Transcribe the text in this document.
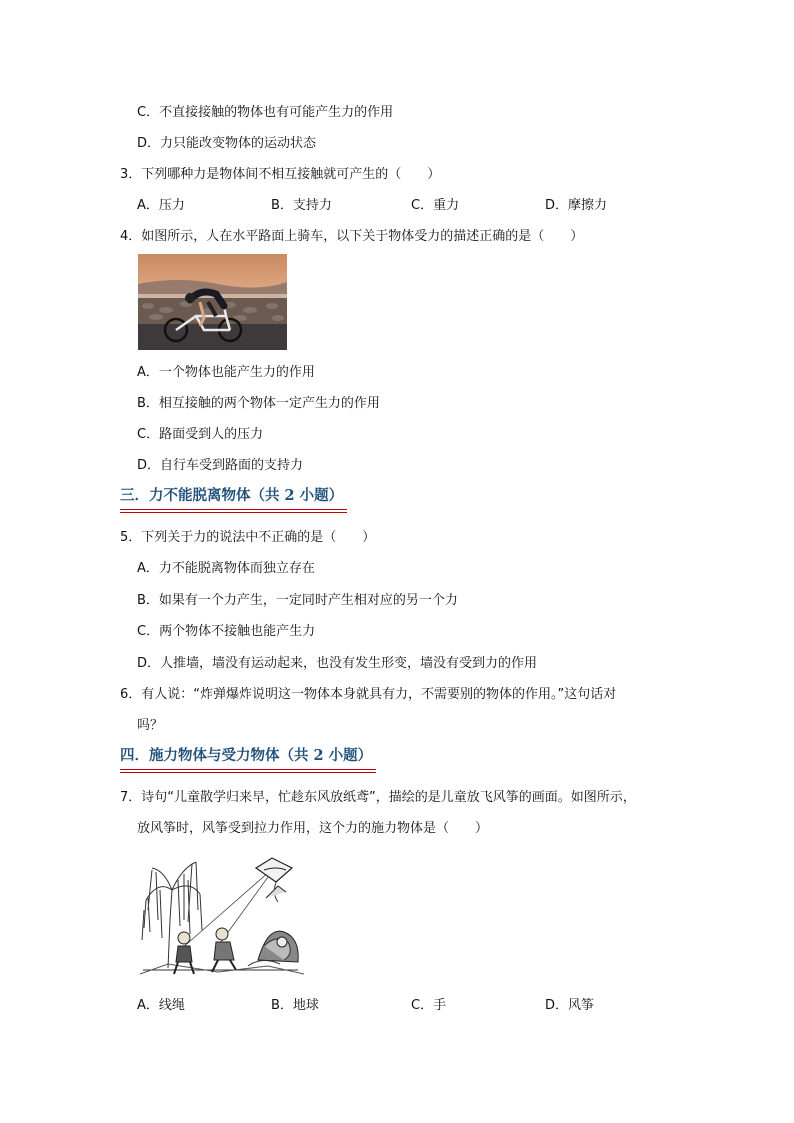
C．不直接接触的物体也有可能产生力的作用
D．力只能改变物体的运动状态
3．下列哪种力是物体间不相互接触就可产生的（　　）
A．压力	B．支持力	C．重力	D．摩擦力
4．如图所示，人在水平路面上骑车，以下关于物体受力的描述正确的是（　　）
A．一个物体也能产生力的作用
B．相互接触的两个物体一定产生力的作用
C．路面受到人的压力
D．自行车受到路面的支持力
三．力不能脱离物体（共 2 小题）
5．下列关于力的说法中不正确的是（　　）
A．力不能脱离物体而独立存在
B．如果有一个力产生，一定同时产生相对应的另一个力
C．两个物体不接触也能产生力
D．人推墙，墙没有运动起来，也没有发生形变，墙没有受到力的作用
6．有人说：“炸弹爆炸说明这一物体本身就具有力，不需要别的物体的作用。”这句话对
吗？
四．施力物体与受力物体（共 2 小题）
7．诗句“儿童散学归来早，忙趁东风放纸鸢”，描绘的是儿童放飞风筝的画面。如图所示，
放风筝时，风筝受到拉力作用，这个力的施力物体是（　　）
A．线绳	B．地球	C．手	D．风筝
